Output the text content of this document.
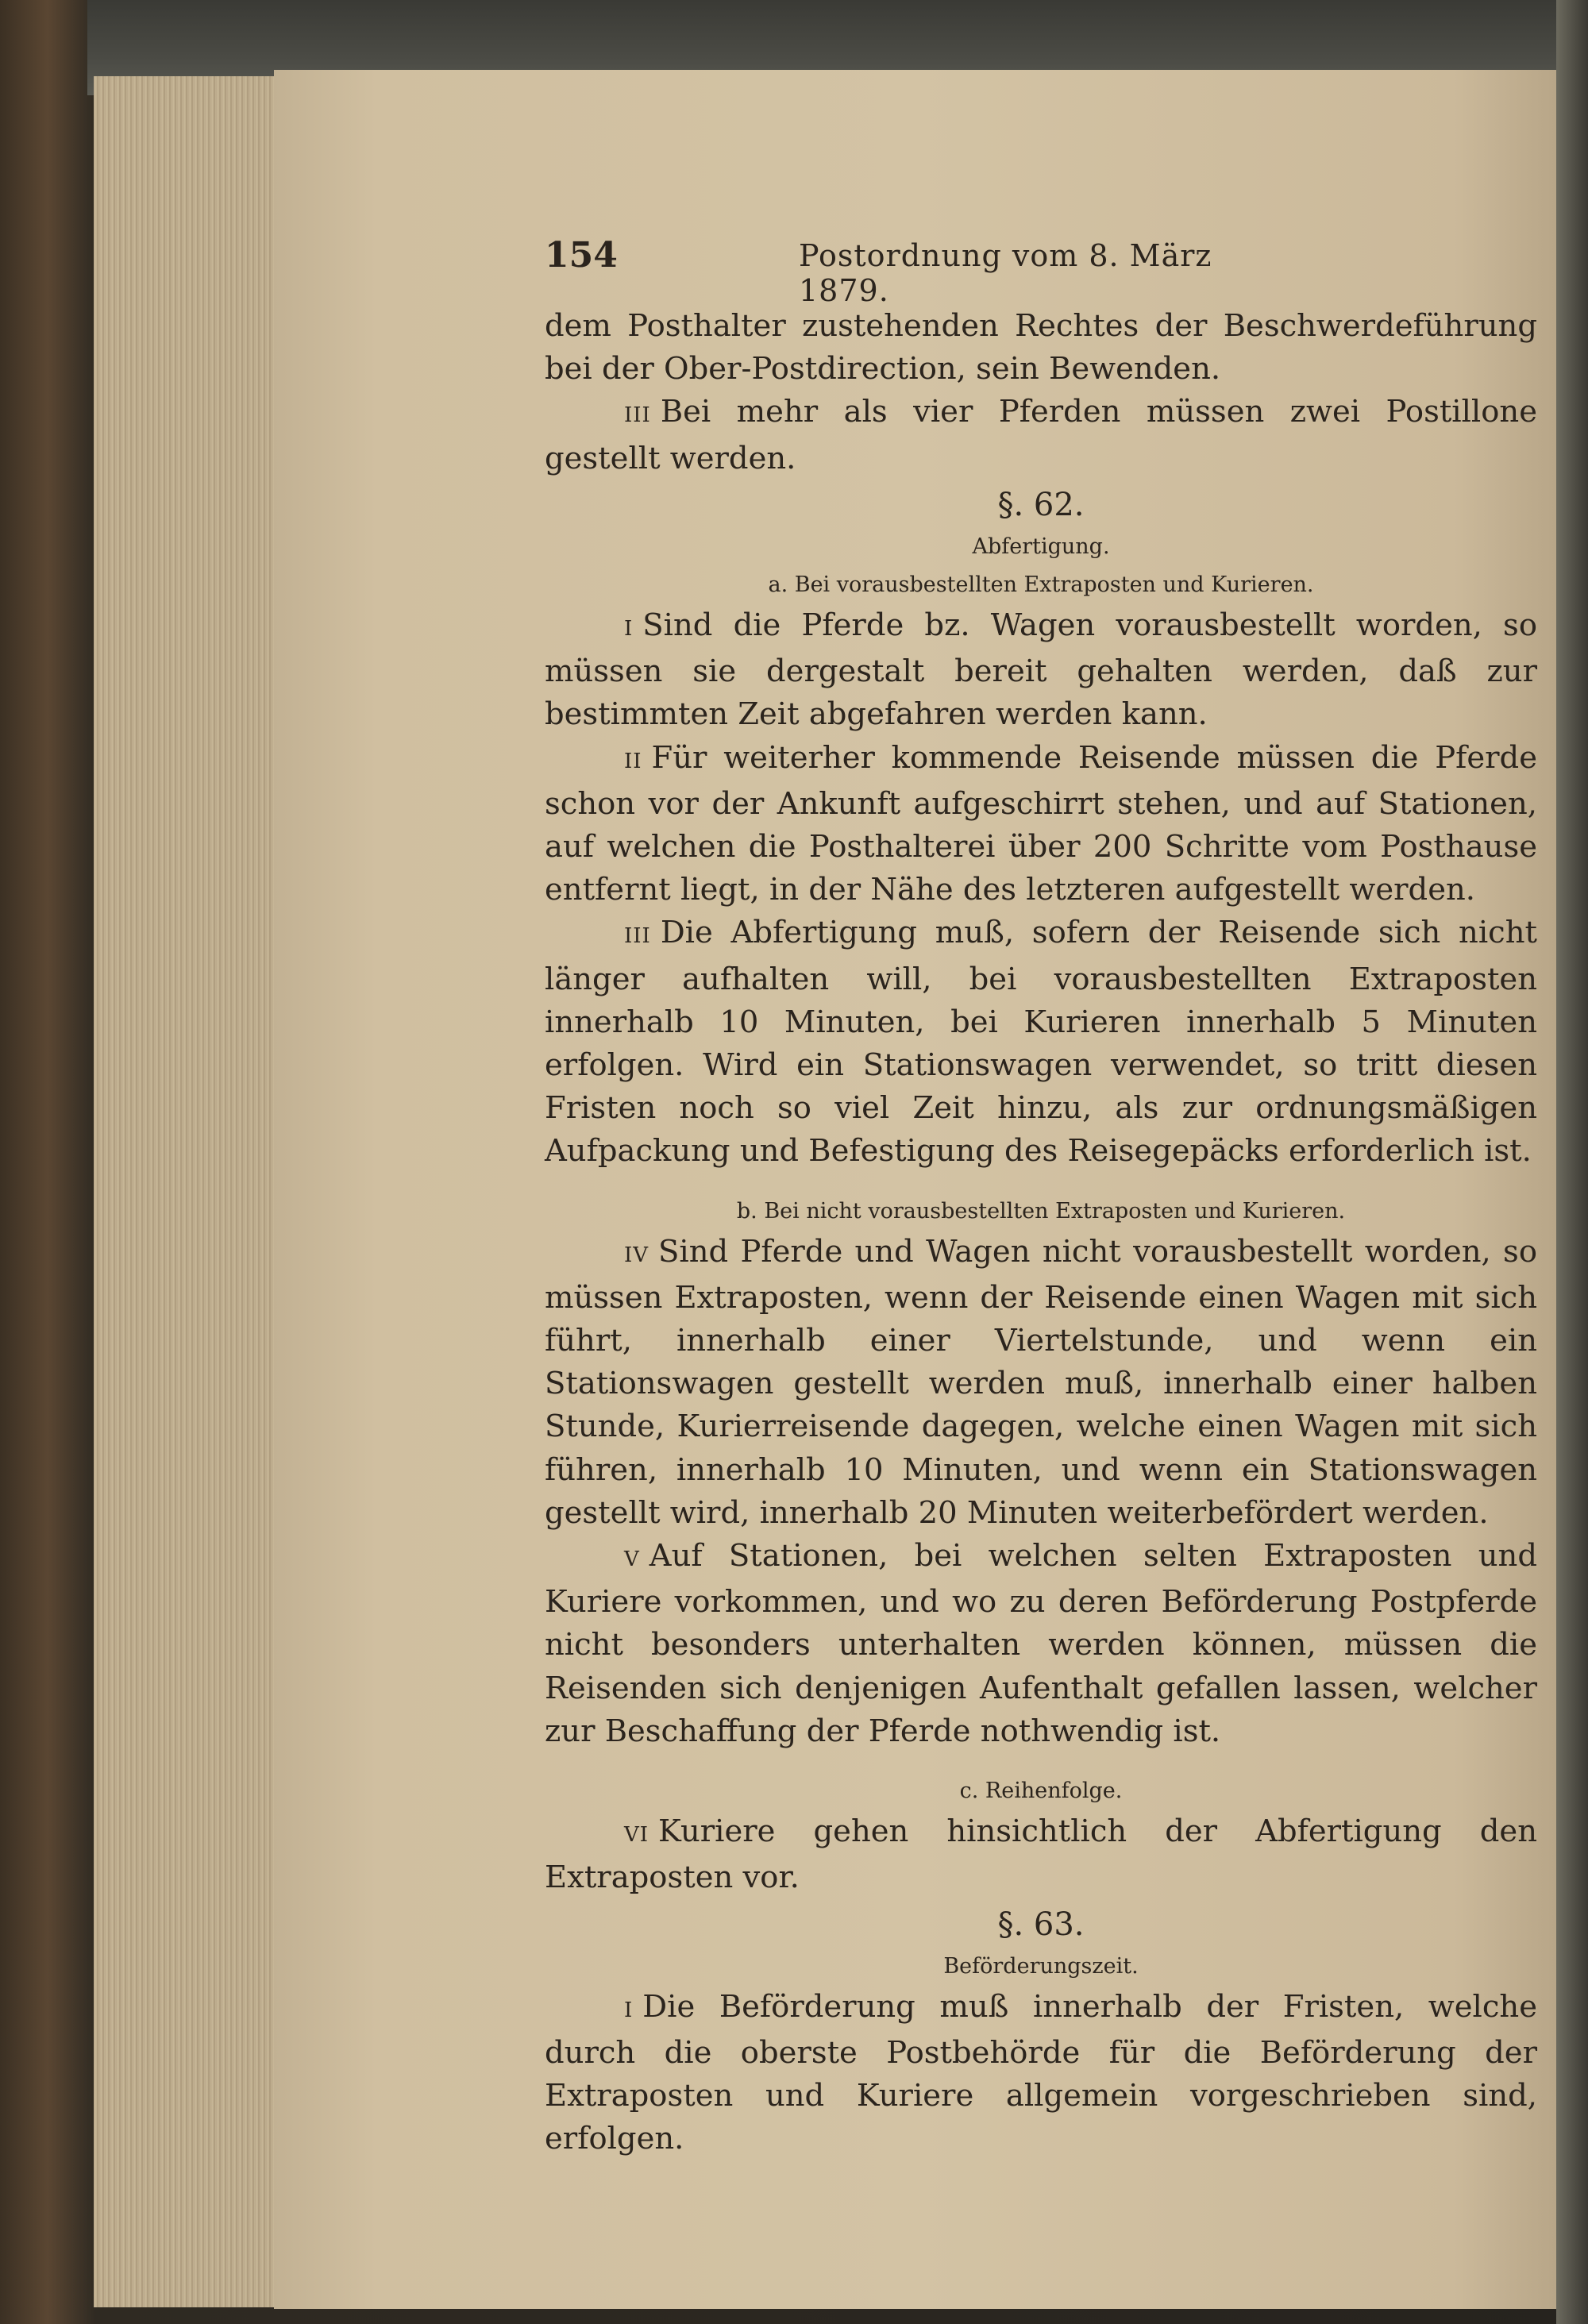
154	Postordnung vom 8. März 1879.

dem Posthalter zustehenden Rechtes der Beschwerdeführung bei der Ober-Postdirection, sein Bewenden.

III Bei mehr als vier Pferden müssen zwei Postillone gestellt werden.

§. 62.
Abfertigung.
a. Bei vorausbestellten Extraposten und Kurieren.

I Sind die Pferde bz. Wagen vorausbestellt worden, so müssen sie dergestalt bereit gehalten werden, daß zur bestimmten Zeit abgefahren werden kann.

II Für weiterher kommende Reisende müssen die Pferde schon vor der Ankunft aufgeschirrt stehen, und auf Stationen, auf welchen die Posthalterei über 200 Schritte vom Posthause entfernt liegt, in der Nähe des letzteren aufgestellt werden.

III Die Abfertigung muß, sofern der Reisende sich nicht länger aufhalten will, bei vorausbestellten Extraposten innerhalb 10 Minuten, bei Kurieren innerhalb 5 Minuten erfolgen. Wird ein Stationswagen verwendet, so tritt diesen Fristen noch so viel Zeit hinzu, als zur ordnungsmäßigen Aufpackung und Befestigung des Reisegepäcks erforderlich ist.

b. Bei nicht vorausbestellten Extraposten und Kurieren.

IV Sind Pferde und Wagen nicht vorausbestellt worden, so müssen Extraposten, wenn der Reisende einen Wagen mit sich führt, innerhalb einer Viertelstunde, und wenn ein Stationswagen gestellt werden muß, innerhalb einer halben Stunde, Kurierreisende dagegen, welche einen Wagen mit sich führen, innerhalb 10 Minuten, und wenn ein Stationswagen gestellt wird, innerhalb 20 Minuten weiterbefördert werden.

V Auf Stationen, bei welchen selten Extraposten und Kuriere vorkommen, und wo zu deren Beförderung Postpferde nicht besonders unterhalten werden können, müssen die Reisenden sich denjenigen Aufenthalt gefallen lassen, welcher zur Beschaffung der Pferde nothwendig ist.

c. Reihenfolge.

VI Kuriere gehen hinsichtlich der Abfertigung den Extraposten vor.

§. 63.
Beförderungszeit.

I Die Beförderung muß innerhalb der Fristen, welche durch die oberste Postbehörde für die Beförderung der Extraposten und Kuriere allgemein vorgeschrieben sind, erfolgen.
